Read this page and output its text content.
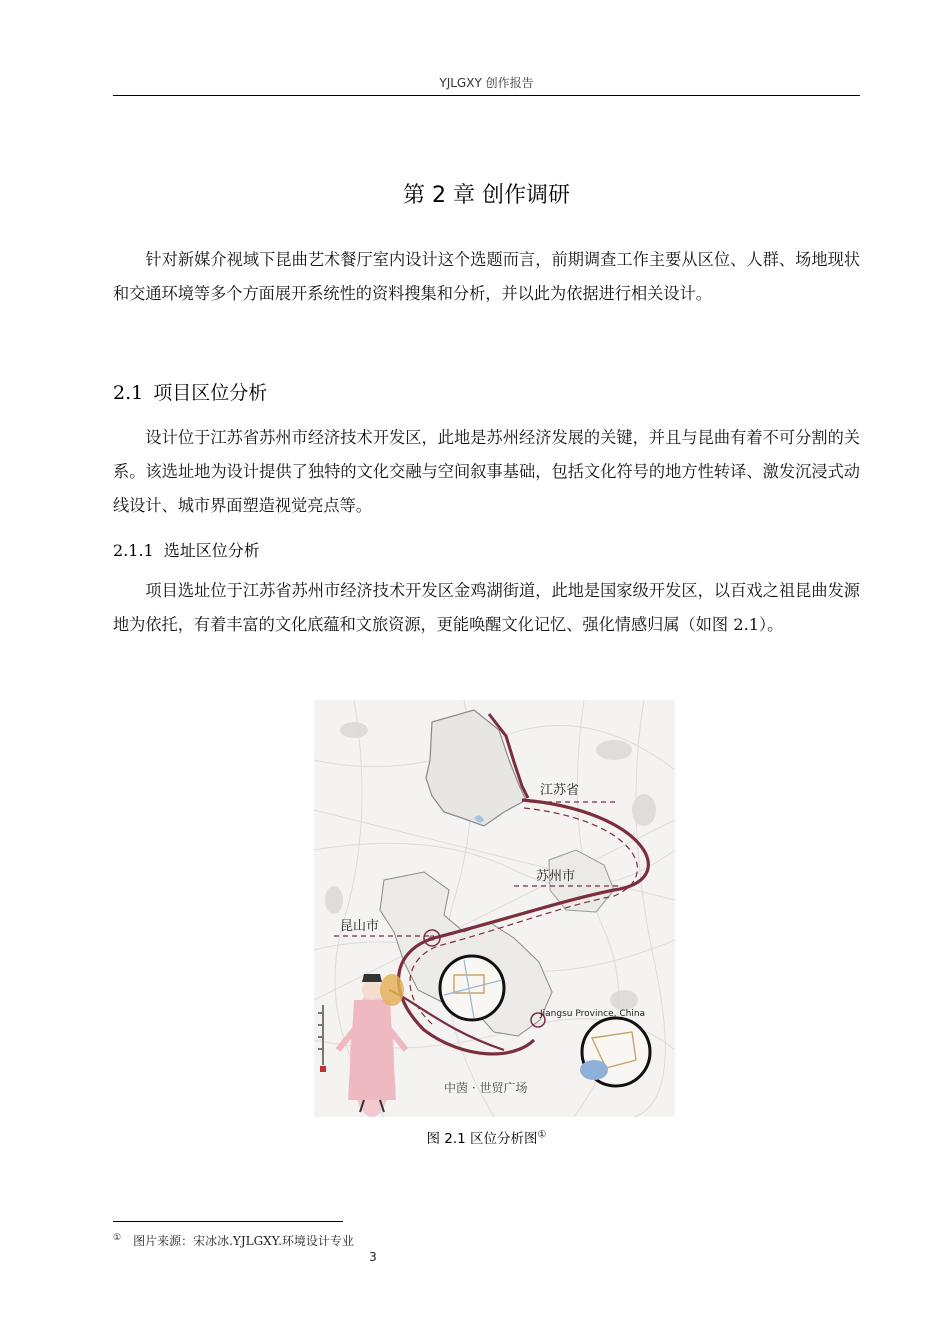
YJLGXY 创作报告
第 2 章 创作调研

针对新媒介视域下昆曲艺术餐厅室内设计这个选题而言，前期调查工作主要从区位、人群、场地现状和交通环境等多个方面展开系统性的资料搜集和分析，并以此为依据进行相关设计。

2.1 项目区位分析

设计位于江苏省苏州市经济技术开发区，此地是苏州经济发展的关键，并且与昆曲有着不可分割的关系。该选址地为设计提供了独特的文化交融与空间叙事基础，包括文化符号的地方性转译、激发沉浸式动线设计、城市界面塑造视觉亮点等。

2.1.1 选址区位分析

项目选址位于江苏省苏州市经济技术开发区金鸡湖街道，此地是国家级开发区，以百戏之祖昆曲发源地为依托，有着丰富的文化底蕴和文旅资源，更能唤醒文化记忆、强化情感归属（如图 2.1）。

江苏省
苏州市
昆山市
Jiangsu Province, China
中茵 · 世贸广场
图 2.1 区位分析图①
① 图片来源：宋冰冰.YJLGXY.环境设计专业
3
